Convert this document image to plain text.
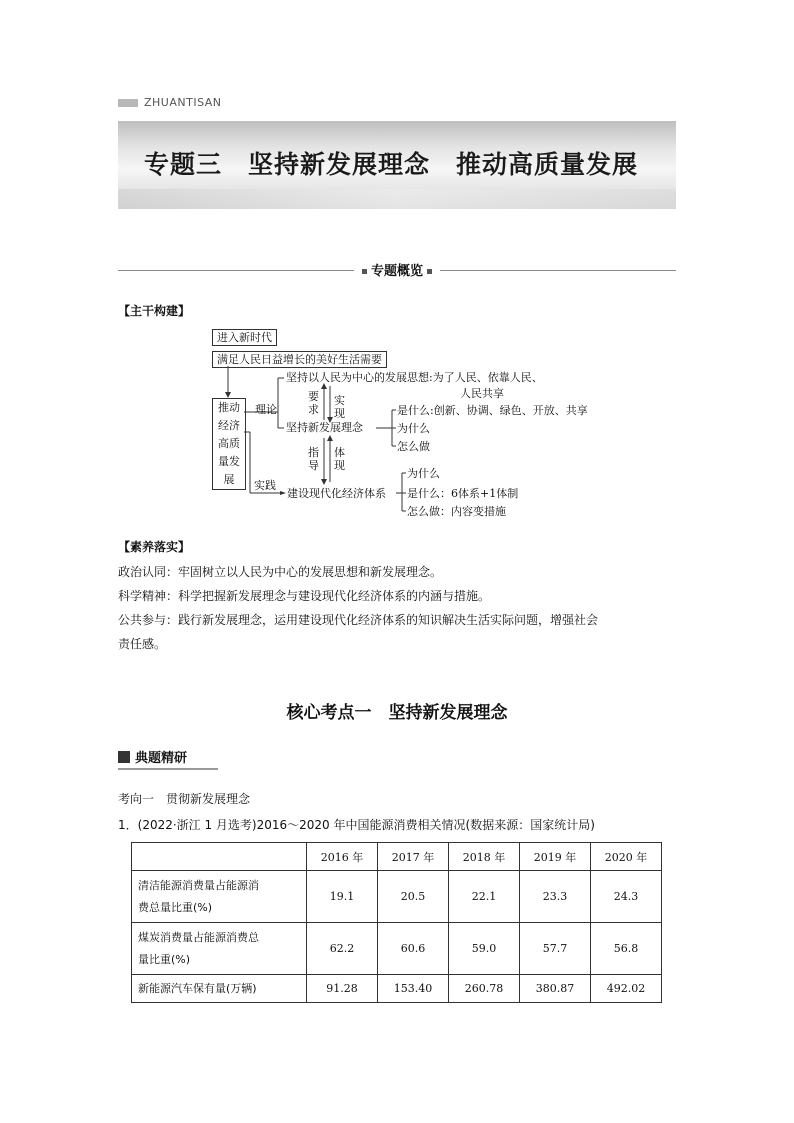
ZHUANTISAN
专题三　坚持新发展理念　推动高质量发展
专题概览
【主干构建】
进入新时代
满足人民日益增长的美好生活需要
推动
经济
高质
量发
展
理论
实践
坚持以人民为中心的发展思想:为了人民、依靠人民、
人民共享
要求
实现
坚持新发展理念
是什么:创新、协调、绿色、开放、共享
为什么
怎么做
指导
体现
建设现代化经济体系
为什么
是什么：6体系+1体制
怎么做：内容变措施
【素养落实】
政治认同：牢固树立以人民为中心的发展思想和新发展理念。
科学精神：科学把握新发展理念与建设现代化经济体系的内涵与措施。
公共参与：践行新发展理念，运用建设现代化经济体系的知识解决生活实际问题，增强社会
责任感。
核心考点一　坚持新发展理念
典题精研
考向一　贯彻新发展理念
1．(2022·浙江 1 月选考)2016～2020 年中国能源消费相关情况(数据来源：国家统计局)
	2016 年	2017 年	2018 年	2019 年	2020 年

清洁能源消费量占能源消
费总量比重(%)	19.1	20.5	22.1	23.3	24.3

煤炭消费量占能源消费总
量比重(%)	62.2	60.6	59.0	57.7	56.8
新能源汽车保有量(万辆)	91.28	153.40	260.78	380.87	492.02
